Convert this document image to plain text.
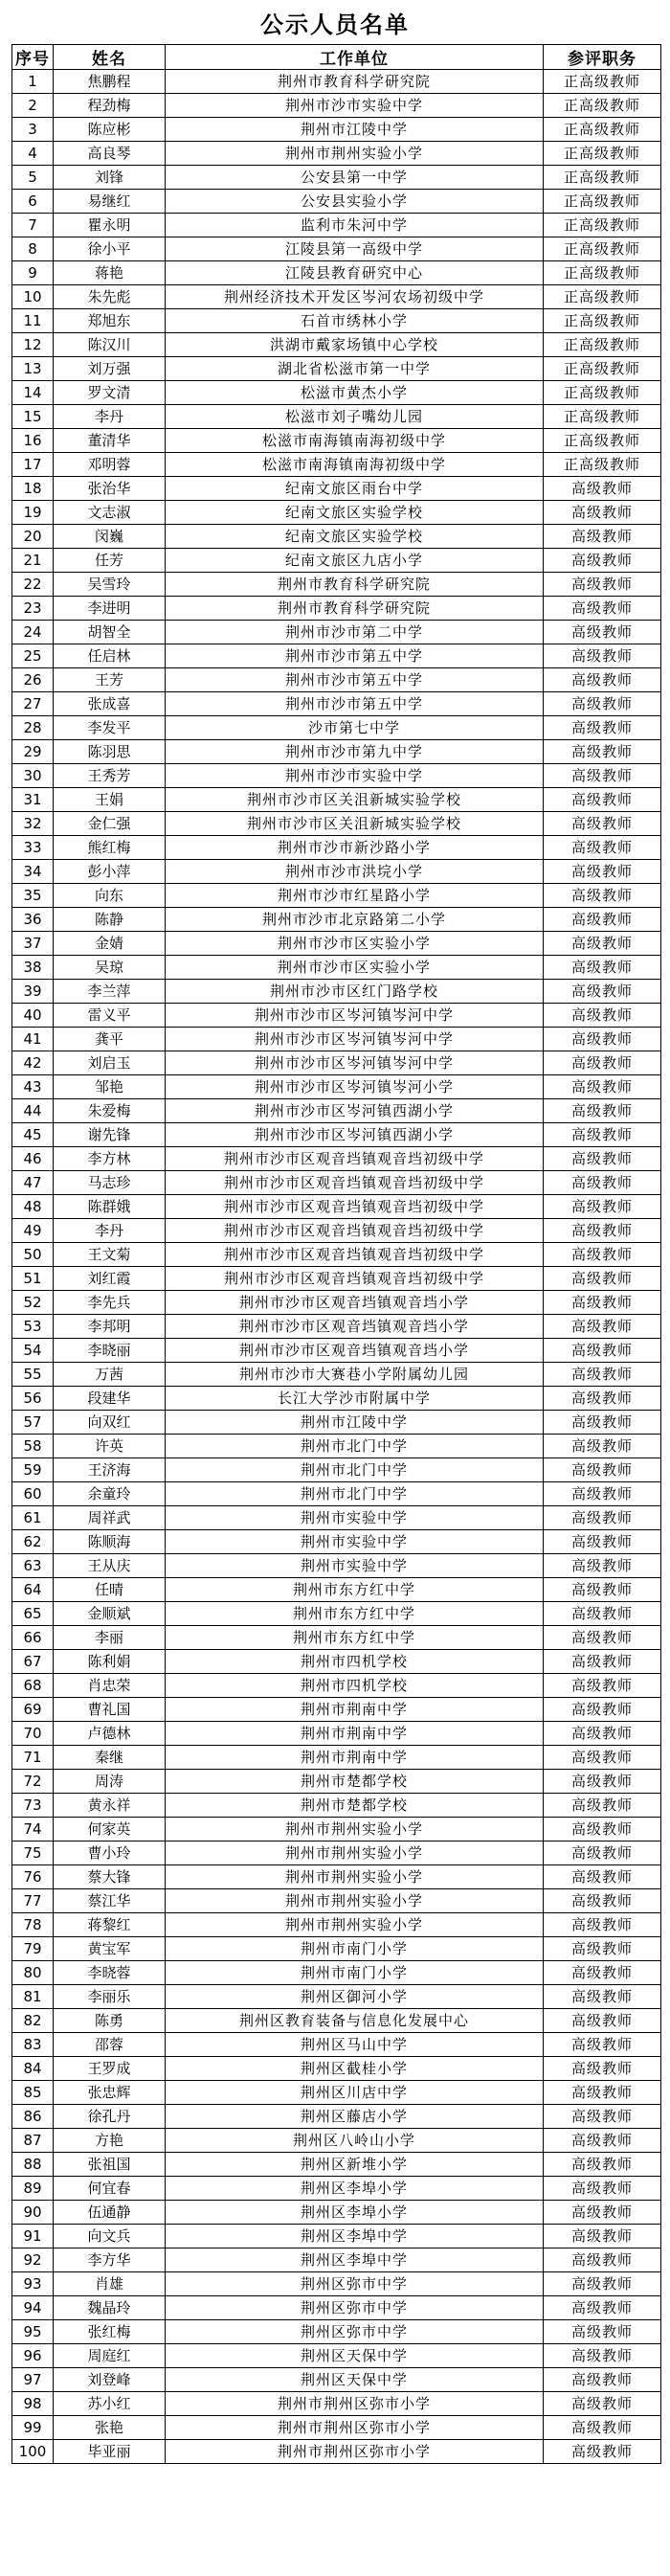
公示人员名单
序号	姓名	工作单位	参评职务
1	焦鹏程	荆州市教育科学研究院	正高级教师
2	程劲梅	荆州市沙市实验中学	正高级教师
3	陈应彬	荆州市江陵中学	正高级教师
4	高良琴	荆州市荆州实验小学	正高级教师
5	刘锋	公安县第一中学	正高级教师
6	易继红	公安县实验小学	正高级教师
7	瞿永明	监利市朱河中学	正高级教师
8	徐小平	江陵县第一高级中学	正高级教师
9	蒋艳	江陵县教育研究中心	正高级教师
10	朱先彪	荆州经济技术开发区岑河农场初级中学	正高级教师
11	郑旭东	石首市绣林小学	正高级教师
12	陈汉川	洪湖市戴家场镇中心学校	正高级教师
13	刘万强	湖北省松滋市第一中学	正高级教师
14	罗文清	松滋市黄杰小学	正高级教师
15	李丹	松滋市刘子嘴幼儿园	正高级教师
16	董清华	松滋市南海镇南海初级中学	正高级教师
17	邓明蓉	松滋市南海镇南海初级中学	正高级教师
18	张治华	纪南文旅区雨台中学	高级教师
19	文志淑	纪南文旅区实验学校	高级教师
20	闵巍	纪南文旅区实验学校	高级教师
21	任芳	纪南文旅区九店小学	高级教师
22	吴雪玲	荆州市教育科学研究院	高级教师
23	李进明	荆州市教育科学研究院	高级教师
24	胡智全	荆州市沙市第二中学	高级教师
25	任启林	荆州市沙市第五中学	高级教师
26	王芳	荆州市沙市第五中学	高级教师
27	张成喜	荆州市沙市第五中学	高级教师
28	李发平	沙市第七中学	高级教师
29	陈羽思	荆州市沙市第九中学	高级教师
30	王秀芳	荆州市沙市实验中学	高级教师
31	王娟	荆州市沙市区关沮新城实验学校	高级教师
32	金仁强	荆州市沙市区关沮新城实验学校	高级教师
33	熊红梅	荆州市沙市新沙路小学	高级教师
34	彭小萍	荆州市沙市洪垸小学	高级教师
35	向东	荆州市沙市红星路小学	高级教师
36	陈静	荆州市沙市北京路第二小学	高级教师
37	金婧	荆州市沙市区实验小学	高级教师
38	吴琼	荆州市沙市区实验小学	高级教师
39	李兰萍	荆州市沙市区红门路学校	高级教师
40	雷义平	荆州市沙市区岑河镇岑河中学	高级教师
41	龚平	荆州市沙市区岑河镇岑河中学	高级教师
42	刘启玉	荆州市沙市区岑河镇岑河中学	高级教师
43	邹艳	荆州市沙市区岑河镇岑河小学	高级教师
44	朱爱梅	荆州市沙市区岑河镇西湖小学	高级教师
45	谢先锋	荆州市沙市区岑河镇西湖小学	高级教师
46	李方林	荆州市沙市区观音垱镇观音垱初级中学	高级教师
47	马志珍	荆州市沙市区观音垱镇观音垱初级中学	高级教师
48	陈群娥	荆州市沙市区观音垱镇观音垱初级中学	高级教师
49	李丹	荆州市沙市区观音垱镇观音垱初级中学	高级教师
50	王文菊	荆州市沙市区观音垱镇观音垱初级中学	高级教师
51	刘红霞	荆州市沙市区观音垱镇观音垱初级中学	高级教师
52	李先兵	荆州市沙市区观音垱镇观音垱小学	高级教师
53	李邦明	荆州市沙市区观音垱镇观音垱小学	高级教师
54	李晓丽	荆州市沙市区观音垱镇观音垱小学	高级教师
55	万茜	荆州市沙市大赛巷小学附属幼儿园	高级教师
56	段建华	长江大学沙市附属中学	高级教师
57	向双红	荆州市江陵中学	高级教师
58	许英	荆州市北门中学	高级教师
59	王济海	荆州市北门中学	高级教师
60	余童玲	荆州市北门中学	高级教师
61	周祥武	荆州市实验中学	高级教师
62	陈顺海	荆州市实验中学	高级教师
63	王从庆	荆州市实验中学	高级教师
64	任晴	荆州市东方红中学	高级教师
65	金顺斌	荆州市东方红中学	高级教师
66	李丽	荆州市东方红中学	高级教师
67	陈利娟	荆州市四机学校	高级教师
68	肖忠荣	荆州市四机学校	高级教师
69	曹礼国	荆州市荆南中学	高级教师
70	卢德林	荆州市荆南中学	高级教师
71	秦继	荆州市荆南中学	高级教师
72	周涛	荆州市楚都学校	高级教师
73	黄永祥	荆州市楚都学校	高级教师
74	何家英	荆州市荆州实验小学	高级教师
75	曹小玲	荆州市荆州实验小学	高级教师
76	蔡大锋	荆州市荆州实验小学	高级教师
77	蔡江华	荆州市荆州实验小学	高级教师
78	蒋黎红	荆州市荆州实验小学	高级教师
79	黄宝军	荆州市南门小学	高级教师
80	李晓蓉	荆州市南门小学	高级教师
81	李丽乐	荆州区御河小学	高级教师
82	陈勇	荆州区教育装备与信息化发展中心	高级教师
83	邵蓉	荆州区马山中学	高级教师
84	王罗成	荆州区截桂小学	高级教师
85	张忠辉	荆州区川店中学	高级教师
86	徐孔丹	荆州区藤店小学	高级教师
87	方艳	荆州区八岭山小学	高级教师
88	张祖国	荆州区新堆小学	高级教师
89	何宜春	荆州区李埠小学	高级教师
90	伍通静	荆州区李埠小学	高级教师
91	向文兵	荆州区李埠中学	高级教师
92	李方华	荆州区李埠中学	高级教师
93	肖雄	荆州区弥市中学	高级教师
94	魏晶玲	荆州区弥市中学	高级教师
95	张红梅	荆州区弥市中学	高级教师
96	周庭红	荆州区天保中学	高级教师
97	刘登峰	荆州区天保中学	高级教师
98	苏小红	荆州市荆州区弥市小学	高级教师
99	张艳	荆州市荆州区弥市小学	高级教师
100	毕亚丽	荆州市荆州区弥市小学	高级教师
